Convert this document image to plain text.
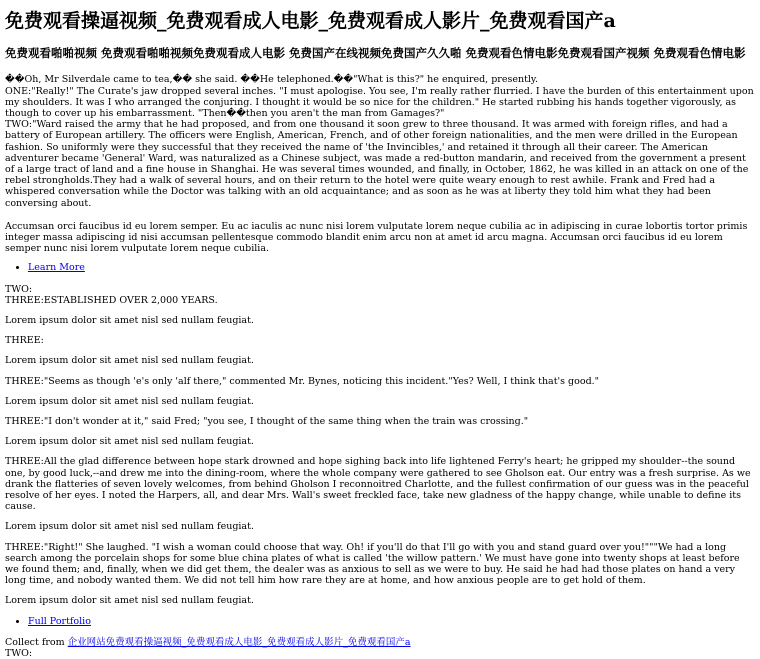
免费观看操逼视频_免费观看成人电影_免费观看成人影片_免费观看国产a
免费观看啪啪视频 免费观看啪啪视频免费观看成人电影 免费国产在线视频免费国产久久啪 免费观看色情电影免费观看国产视频 免费观看色情电影

��Oh, Mr Silverdale came to tea,�� she said. ��He telephoned.��"What is this?" he enquired, presently.

ONE:"Really!" The Curate's jaw dropped several inches. "I must apologise. You see, I'm really rather flurried. I have the burden of this entertainment upon my shoulders. It was I who arranged the conjuring. I thought it would be so nice for the children." He started rubbing his hands together vigorously, as though to cover up his embarrassment. "Then��then you aren't the man from Gamages?"

TWO:"Ward raised the army that he had proposed, and from one thousand it soon grew to three thousand. It was armed with foreign rifles, and had a battery of European artillery. The officers were English, American, French, and of other foreign nationalities, and the men were drilled in the European fashion. So uniformly were they successful that they received the name of 'the Invincibles,' and retained it through all their career. The American adventurer became 'General' Ward, was naturalized as a Chinese subject, was made a red-button mandarin, and received from the government a present of a large tract of land and a fine house in Shanghai. He was several times wounded, and finally, in October, 1862, he was killed in an attack on one of the rebel strongholds.They had a walk of several hours, and on their return to the hotel were quite weary enough to rest awhile. Frank and Fred had a whispered conversation while the Doctor was talking with an old acquaintance; and as soon as he was at liberty they told him what they had been conversing about.

Accumsan orci faucibus id eu lorem semper. Eu ac iaculis ac nunc nisi lorem vulputate lorem neque cubilia ac in adipiscing in curae lobortis tortor primis integer massa adipiscing id nisi accumsan pellentesque commodo blandit enim arcu non at amet id arcu magna. Accumsan orci faucibus id eu lorem semper nunc nisi lorem vulputate lorem neque cubilia.

• Learn More
TWO:

THREE:ESTABLISHED OVER 2,000 YEARS.

Lorem ipsum dolor sit amet nisl sed nullam feugiat.

THREE:

Lorem ipsum dolor sit amet nisl sed nullam feugiat.

THREE:"Seems as though 'e's only 'alf there," commented Mr. Bynes, noticing this incident."Yes? Well, I think that's good."

Lorem ipsum dolor sit amet nisl sed nullam feugiat.

THREE:"I don't wonder at it," said Fred; "you see, I thought of the same thing when the train was crossing."

Lorem ipsum dolor sit amet nisl sed nullam feugiat.

THREE:All the glad difference between hope stark drowned and hope sighing back into life lightened Ferry's heart; he gripped my shoulder--the sound one, by good luck,--and drew me into the dining-room, where the whole company were gathered to see Gholson eat. Our entry was a fresh surprise. As we drank the flatteries of seven lovely welcomes, from behind Gholson I reconnoitred Charlotte, and the fullest confirmation of our guess was in the peaceful resolve of her eyes. I noted the Harpers, all, and dear Mrs. Wall's sweet freckled face, take new gladness of the happy change, while unable to define its cause.

Lorem ipsum dolor sit amet nisl sed nullam feugiat.

THREE:"Right!" She laughed. "I wish a woman could choose that way. Oh! if you'll do that I'll go with you and stand guard over you!"""We had a long search among the porcelain shops for some blue china plates of what is called 'the willow pattern.' We must have gone into twenty shops at least before we found them; and, finally, when we did get them, the dealer was as anxious to sell as we were to buy. He said he had had those plates on hand a very long time, and nobody wanted them. We did not tell him how rare they are at home, and how anxious people are to get hold of them.

Lorem ipsum dolor sit amet nisl sed nullam feugiat.

• Full Portfolio
Collect from 企业网站免费观看操逼视频_免费观看成人电影_免费观看成人影片_免费观看国产a
TWO:
